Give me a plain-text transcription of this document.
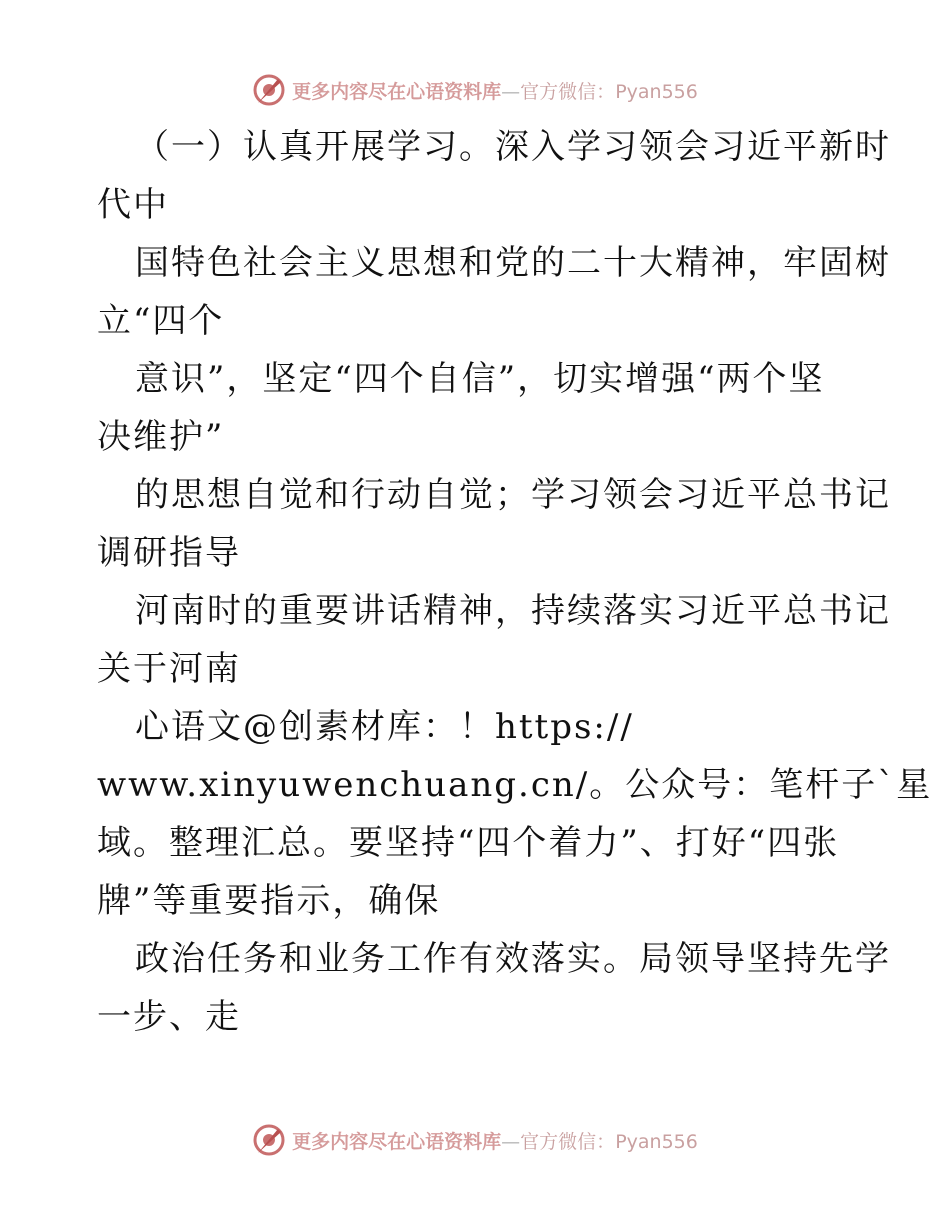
更多内容尽在心语资料库—官方微信：Pyan556
（一）认真开展学习。深入学习领会习近平新时
代中
国特色社会主义思想和党的二十大精神，牢固树
立“四个
意识”，坚定“四个自信”，切实增强“两个坚
决维护”
的思想自觉和行动自觉；学习领会习近平总书记
调研指导
河南时的重要讲话精神，持续落实习近平总书记
关于河南
心语文@创素材库：！https://
www.xinyuwenchuang.cn/。公众号：笔杆子`星
域。整理汇总。要坚持“四个着力”、打好“四张
牌”等重要指示，确保
政治任务和业务工作有效落实。局领导坚持先学
一步、走
更多内容尽在心语资料库—官方微信：Pyan556
